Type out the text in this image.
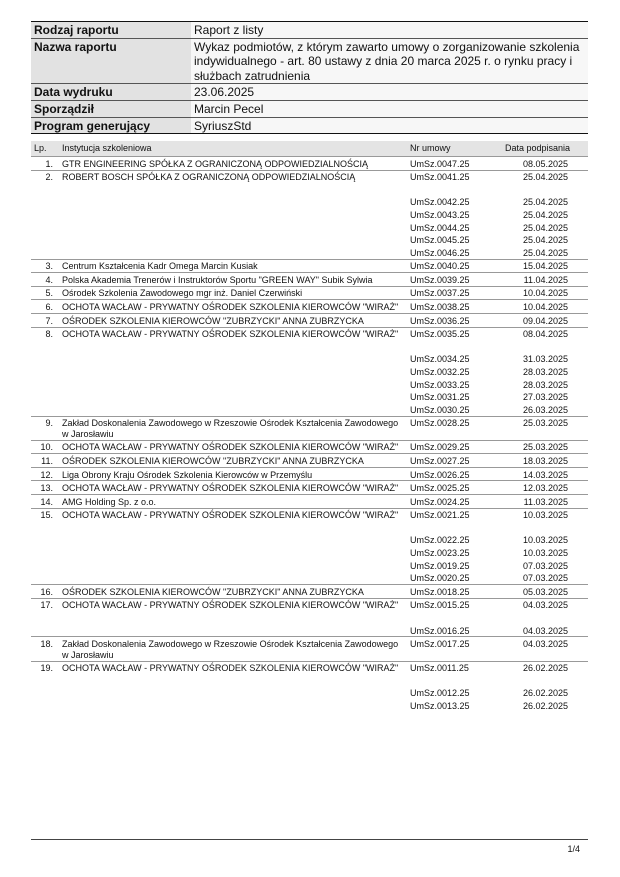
Rodzaj raportu	Raport z listy
Nazwa raportu	Wykaz podmiotów, z którym zawarto umowy o zorganizowanie szkolenia indywidualnego - art. 80 ustawy z dnia 20 marca 2025 r. o rynku pracy i służbach zatrudnienia
Data wydruku	23.06.2025
Sporządził	Marcin Pecel
Program generujący	SyriuszStd
Lp.	Instytucja szkoleniowa	Nr umowy	Data podpisania
1.	GTR ENGINEERING SPÓŁKA Z OGRANICZONĄ ODPOWIEDZIALNOŚCIĄ	UmSz.0047.25	08.05.2025
2.	ROBERT BOSCH SPÓŁKA Z OGRANICZONĄ ODPOWIEDZIALNOŚCIĄ	UmSz.0041.25	25.04.2025

		UmSz.0042.25	25.04.2025
		UmSz.0043.25	25.04.2025
		UmSz.0044.25	25.04.2025
		UmSz.0045.25	25.04.2025
		UmSz.0046.25	25.04.2025
3.	Centrum Kształcenia Kadr Omega Marcin Kusiak	UmSz.0040.25	15.04.2025
4.	Polska Akademia Trenerów i Instruktorów Sportu "GREEN WAY" Subik Sylwia	UmSz.0039.25	11.04.2025
5.	Ośrodek Szkolenia Zawodowego mgr inż. Daniel Czerwiński	UmSz.0037.25	10.04.2025
6.	OCHOTA WACŁAW - PRYWATNY OŚRODEK SZKOLENIA KIEROWCÓW "WIRAŻ"	UmSz.0038.25	10.04.2025
7.	OŚRODEK SZKOLENIA KIEROWCÓW "ZUBRZYCKI" ANNA ZUBRZYCKA	UmSz.0036.25	09.04.2025
8.	OCHOTA WACŁAW - PRYWATNY OŚRODEK SZKOLENIA KIEROWCÓW "WIRAŻ"	UmSz.0035.25	08.04.2025

		UmSz.0034.25	31.03.2025
		UmSz.0032.25	28.03.2025
		UmSz.0033.25	28.03.2025
		UmSz.0031.25	27.03.2025
		UmSz.0030.25	26.03.2025
9.	Zakład Doskonalenia Zawodowego w Rzeszowie Ośrodek Kształcenia Zawodowego w Jarosławiu	UmSz.0028.25	25.03.2025
10.	OCHOTA WACŁAW - PRYWATNY OŚRODEK SZKOLENIA KIEROWCÓW "WIRAŻ"	UmSz.0029.25	25.03.2025
11.	OŚRODEK SZKOLENIA KIEROWCÓW "ZUBRZYCKI" ANNA ZUBRZYCKA	UmSz.0027.25	18.03.2025
12.	Liga Obrony Kraju Ośrodek Szkolenia Kierowców w Przemyślu	UmSz.0026.25	14.03.2025
13.	OCHOTA WACŁAW - PRYWATNY OŚRODEK SZKOLENIA KIEROWCÓW "WIRAŻ"	UmSz.0025.25	12.03.2025
14.	AMG Holding Sp. z o.o.	UmSz.0024.25	11.03.2025
15.	OCHOTA WACŁAW - PRYWATNY OŚRODEK SZKOLENIA KIEROWCÓW "WIRAŻ"	UmSz.0021.25	10.03.2025

		UmSz.0022.25	10.03.2025
		UmSz.0023.25	10.03.2025
		UmSz.0019.25	07.03.2025
		UmSz.0020.25	07.03.2025
16.	OŚRODEK SZKOLENIA KIEROWCÓW "ZUBRZYCKI" ANNA ZUBRZYCKA	UmSz.0018.25	05.03.2025
17.	OCHOTA WACŁAW - PRYWATNY OŚRODEK SZKOLENIA KIEROWCÓW "WIRAŻ"	UmSz.0015.25	04.03.2025

		UmSz.0016.25	04.03.2025
18.	Zakład Doskonalenia Zawodowego w Rzeszowie Ośrodek Kształcenia Zawodowego w Jarosławiu	UmSz.0017.25	04.03.2025
19.	OCHOTA WACŁAW - PRYWATNY OŚRODEK SZKOLENIA KIEROWCÓW "WIRAŻ"	UmSz.0011.25	26.02.2025

		UmSz.0012.25	26.02.2025
		UmSz.0013.25	26.02.2025
1/4
